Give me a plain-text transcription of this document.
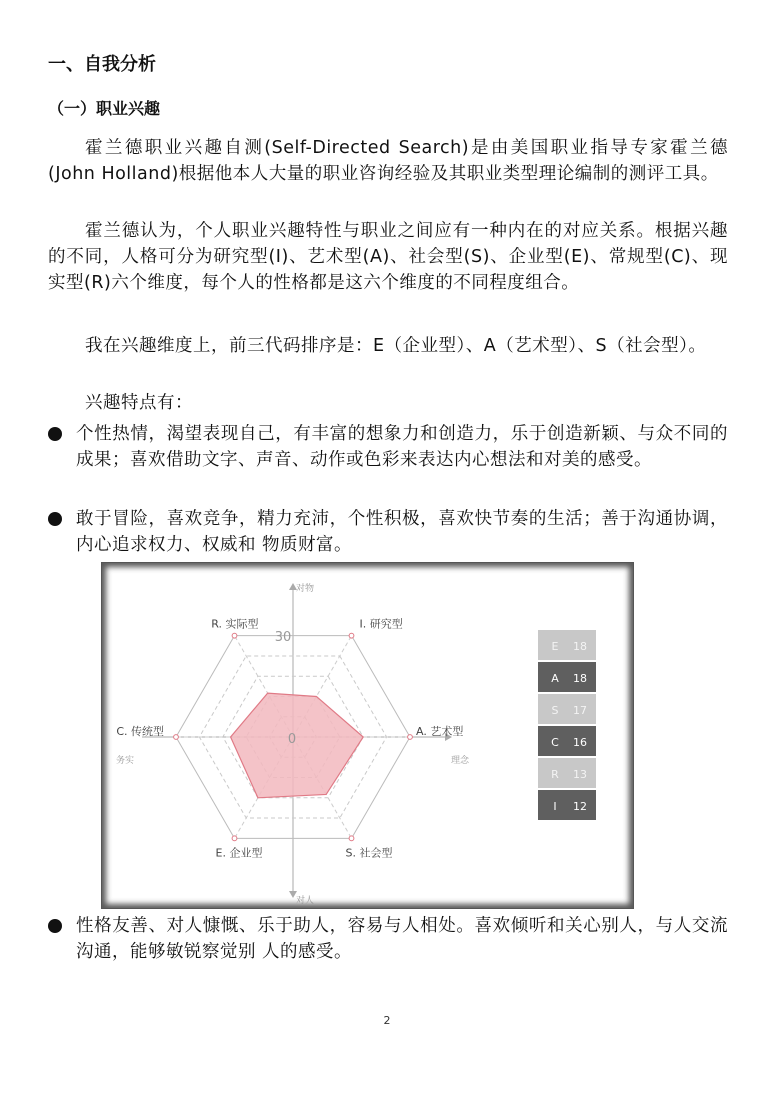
一、自我分析
（一）职业兴趣

霍兰德职业兴趣自测(Self-Directed Search)是由美国职业指导专家霍兰德(John Holland)根据他本人大量的职业咨询经验及其职业类型理论编制的测评工具。

霍兰德认为，个人职业兴趣特性与职业之间应有一种内在的对应关系。根据兴趣的不同，人格可分为研究型(I)、艺术型(A)、社会型(S)、企业型(E)、常规型(C)、现实型(R)六个维度，每个人的性格都是这六个维度的不同程度组合。

我在兴趣维度上，前三代码排序是：E（企业型）、A（艺术型）、S（社会型）。

兴趣特点有：

个性热情，渴望表现自己，有丰富的想象力和创造力，乐于创造新颖、与众不同的成果；喜欢借助文字、声音、动作或色彩来表达内心想法和对美的感受。
敢于冒险，喜欢竞争，精力充沛，个性积极，喜欢快节奏的生活；善于沟通协调，内心追求权力、权威和 物质财富。
I. 研究型
A. 艺术型
S. 社会型
E. 企业型
C. 传统型
R. 实际型
0
30
对物
对人
务实	理念
E 18
A 18
S 17
C 16
R 13
I 12
性格友善、对人慷慨、乐于助人，容易与人相处。喜欢倾听和关心别人，与人交流沟通，能够敏锐察觉别 人的感受。
2
